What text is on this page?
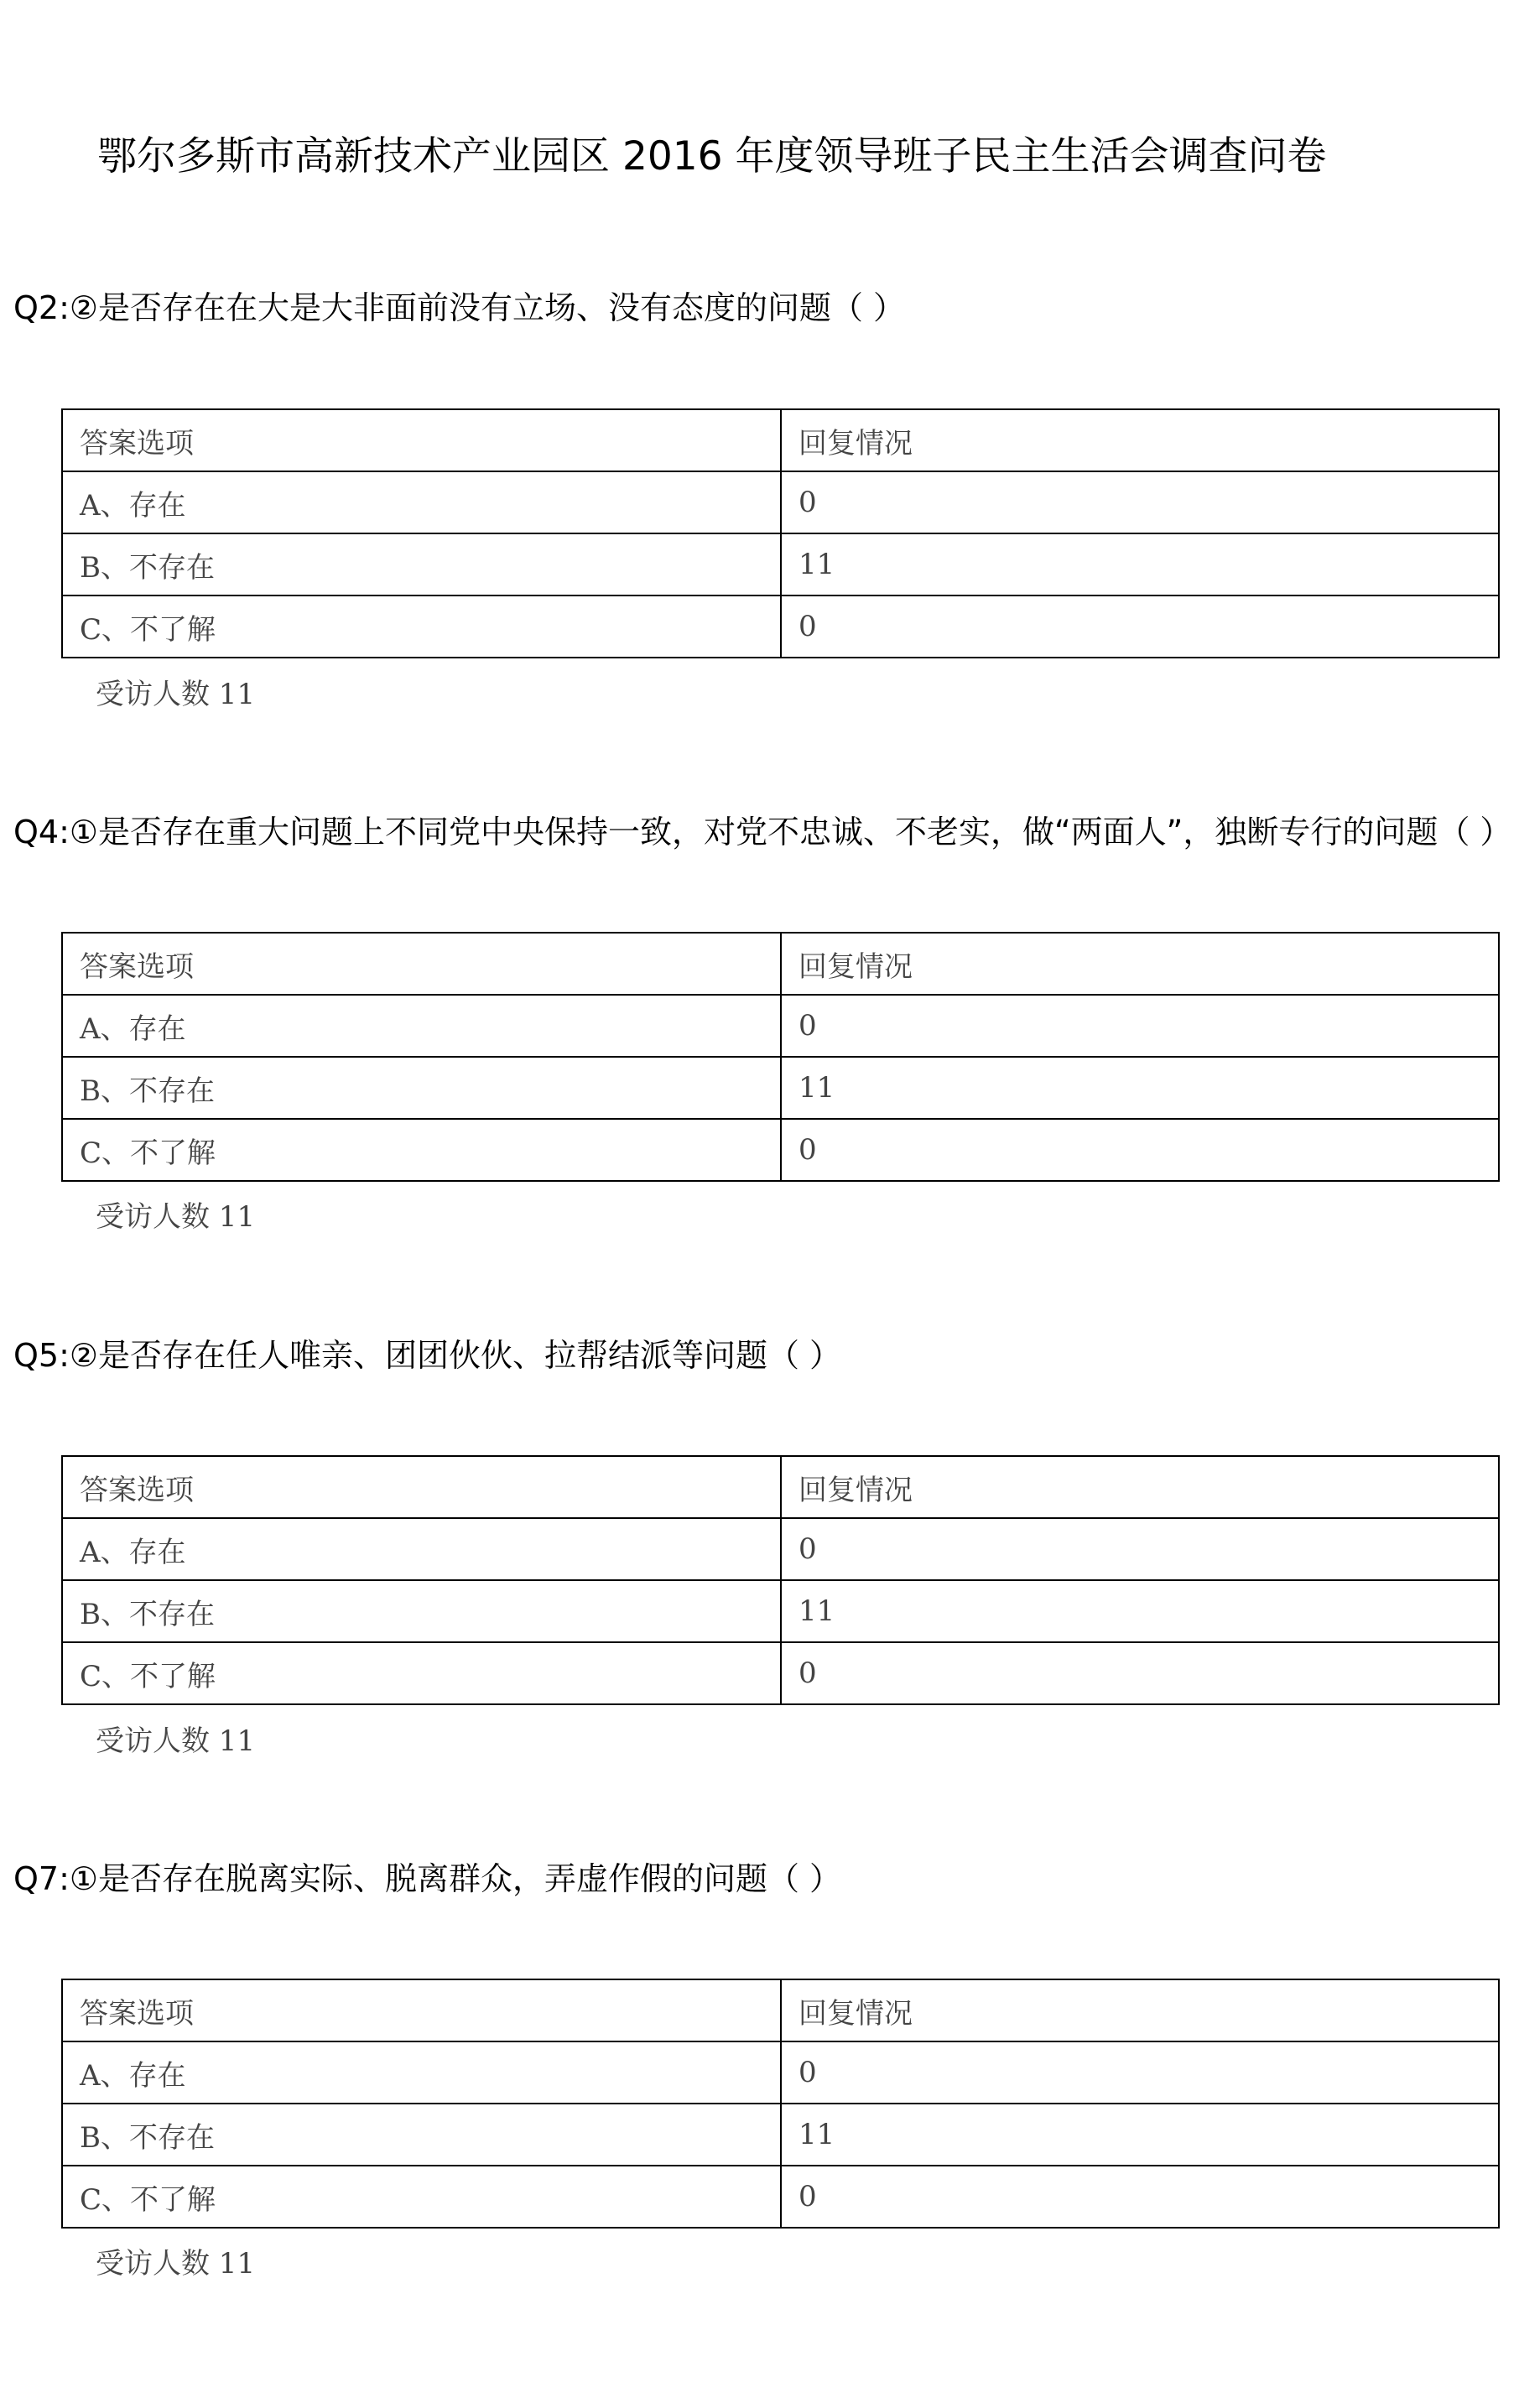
鄂尔多斯市高新技术产业园区 2016 年度领导班子民主生活会调查问卷
Q2:②是否存在在大是大非面前没有立场、没有态度的问题（ ）
答案选项	回复情况
A、存在	0
B、不存在	11
C、不了解	0
受访人数 11
Q4:①是否存在重大问题上不同党中央保持一致，对党不忠诚、不老实，做“两面人”，独断专行的问题（ ）
答案选项	回复情况
A、存在	0
B、不存在	11
C、不了解	0
受访人数 11
Q5:②是否存在任人唯亲、团团伙伙、拉帮结派等问题（ ）
答案选项	回复情况
A、存在	0
B、不存在	11
C、不了解	0
受访人数 11
Q7:①是否存在脱离实际、脱离群众，弄虚作假的问题（ ）
答案选项	回复情况
A、存在	0
B、不存在	11
C、不了解	0
受访人数 11
